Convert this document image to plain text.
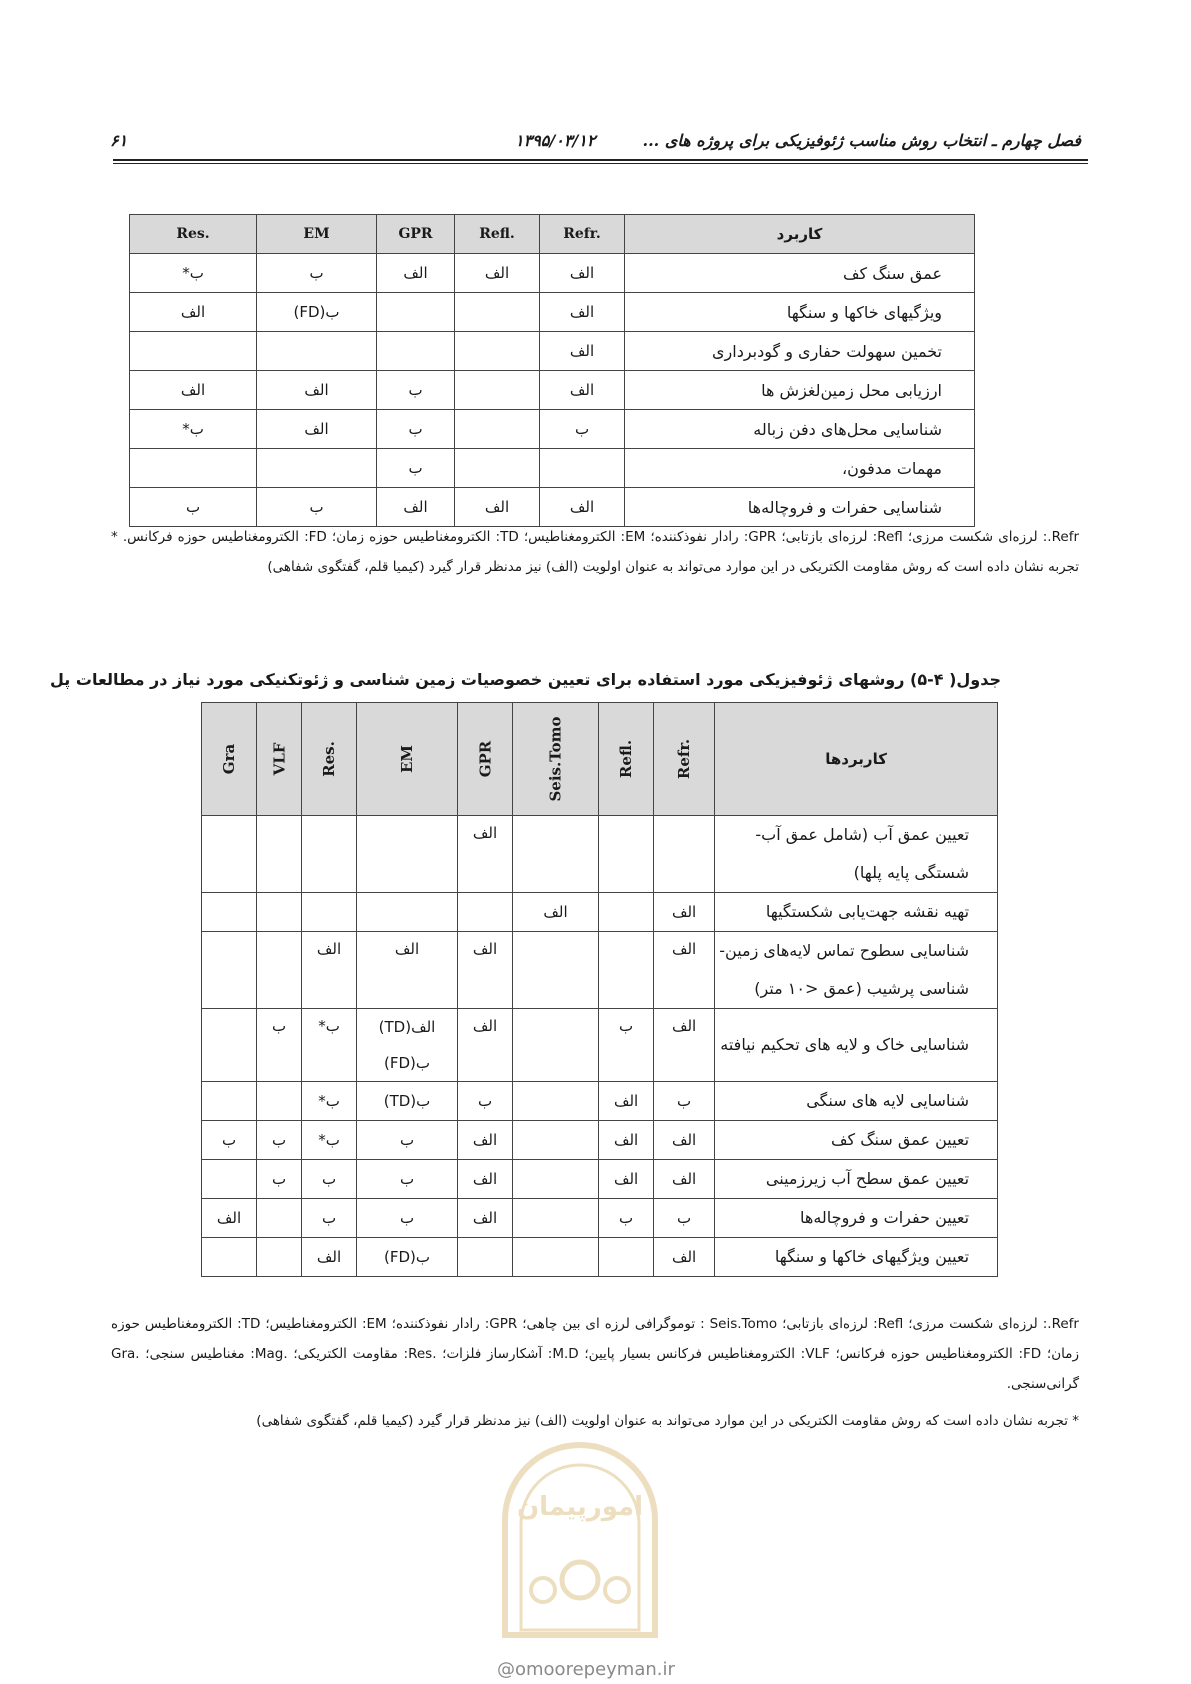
۶۱	۱۳۹۵/۰۳/۱۲	فصل چهارم ـ انتخاب روش مناسب ژئوفیزیکی برای پروژه های ...
Res.	EM	GPR	Refl.	Refr.	کاربرد
ب*	ب	الف	الف	الف	عمق سنگ کف
الف	ب(FD)			الف	ویژگیهای خاکها و سنگها
				الف	تخمین سهولت حفاری و گودبرداری
الف	الف	ب		الف	ارزیابی محل زمین‌لغزش ها
ب*	الف	ب		ب	شناسایی محل‌های دفن زباله
		ب			مهمات مدفون،
ب	ب	الف	الف	الف	شناسایی حفرات و فروچاله‌ها
Refr.: لرزه‌ای شکست مرزی؛ Refl: لرزه‌ای بازتابی؛ GPR: رادار نفوذکننده؛ EM: الکترومغناطیس؛ TD: الکترومغناطیس حوزه زمان؛ FD: الکترومغناطیس حوزه فرکانس. * تجربه نشان داده است که روش مقاومت الکتریکی در این موارد می‌تواند به عنوان اولویت (الف) نیز مدنظر قرار گیرد (کیمیا قلم، گفتگوی شفاهی)
جدول( ۴-۵) روشهای ژئوفیزیکی مورد استفاده برای تعیین خصوصیات زمین شناسی و ژئوتکنیکی مورد نیاز در مطالعات پل
Gra	VLF	Res.	EM	GPR	Seis.Tomo	Refl.	Refr.	کاربردها
				الف				تعیین عمق آب (شامل عمق آب-شستگی پایه پلها)
					الف		الف	تهیه نقشه جهت‌یابی شکستگیها
		الف	الف	الف			الف	شناسایی سطوح تماس لایه‌های زمین-شناسی پرشیب (عمق <۱۰ متر)
	ب	ب*	الف(TD) ب(FD)	الف		ب	الف	شناسایی خاک و لایه های تحکیم نیافته
		ب*	ب(TD)	ب		الف	ب	شناسایی لایه های سنگی
ب	ب	ب*	ب	الف		الف	الف	تعیین عمق سنگ کف
	ب	ب	ب	الف		الف	الف	تعیین عمق سطح آب زیرزمینی
الف		ب	ب	الف		ب	ب	تعیین حفرات و فروچاله‌ها
		الف	ب(FD)				الف	تعیین ویژگیهای خاکها و سنگها
Refr.: لرزه‌ای شکست مرزی؛ Refl: لرزه‌ای بازتابی؛ Seis.Tomo : توموگرافی لرزه ای بین چاهی؛ GPR: رادار نفوذکننده؛ EM: الکترومغناطیس؛ TD: الکترومغناطیس حوزه زمان؛ FD: الکترومغناطیس حوزه فرکانس؛ VLF: الکترومغناطیس فرکانس بسیار پایین؛ M.D: آشکارساز فلزات؛ .Res: مقاومت الکتریکی؛ .Mag: مغناطیس سنجی؛ .Gra گرانی‌سنجی.
* تجربه نشان داده است که روش مقاومت الکتریکی در این موارد می‌تواند به عنوان اولویت (الف) نیز مدنظر قرار گیرد (کیمیا قلم، گفتگوی شفاهی)
امورپیمان
@omoorepeyman.ir
